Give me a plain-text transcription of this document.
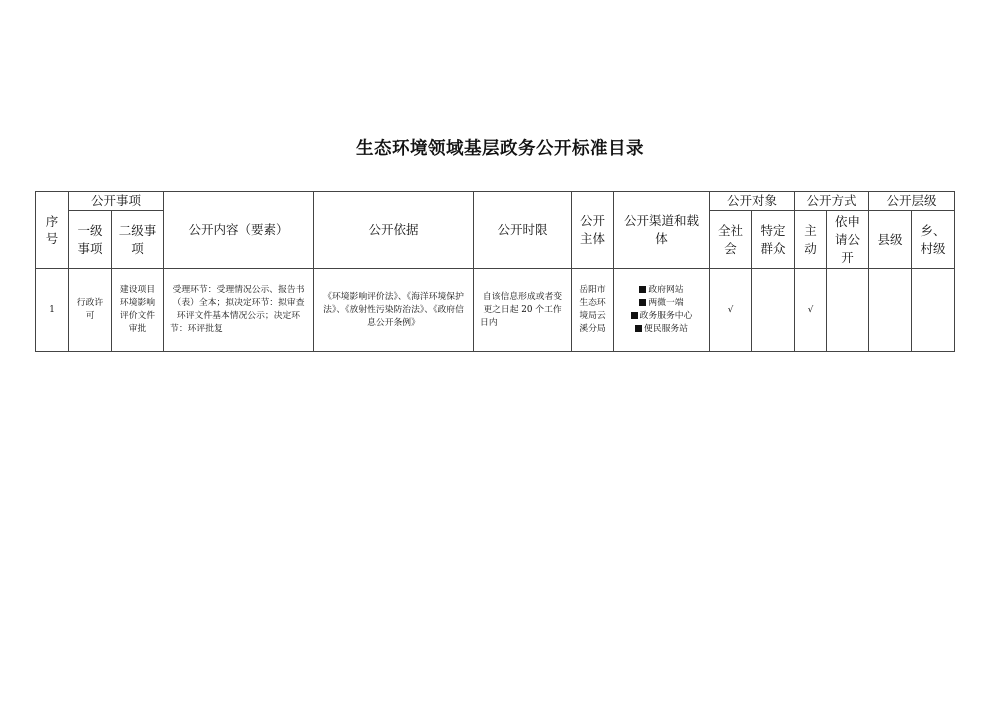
生态环境领域基层政务公开标准目录
序号	公开事项		公开内容（要素）	公开依据	公开时限	公开主体	公开渠道和载体	公开对象		公开方式		公开层级	
	一级事项	二级事项						全社会	特定群众	主动	依申请公开	县级	乡、村级
1	行政许可	建设项目环境影响评价文件审批	受理环节：受理情况公示、报告书（表）全本；拟决定环节：拟审查环评文件基本情况公示；决定环节：环评批复	《环境影响评价法》、《海洋环境保护法》、《放射性污染防治法》、《政府信息公开条例》	自该信息形成或者变更之日起 20 个工作日内	岳阳市生态环境局云溪分局	政府网站
两微一端
政务服务中心
便民服务站	√		√			
